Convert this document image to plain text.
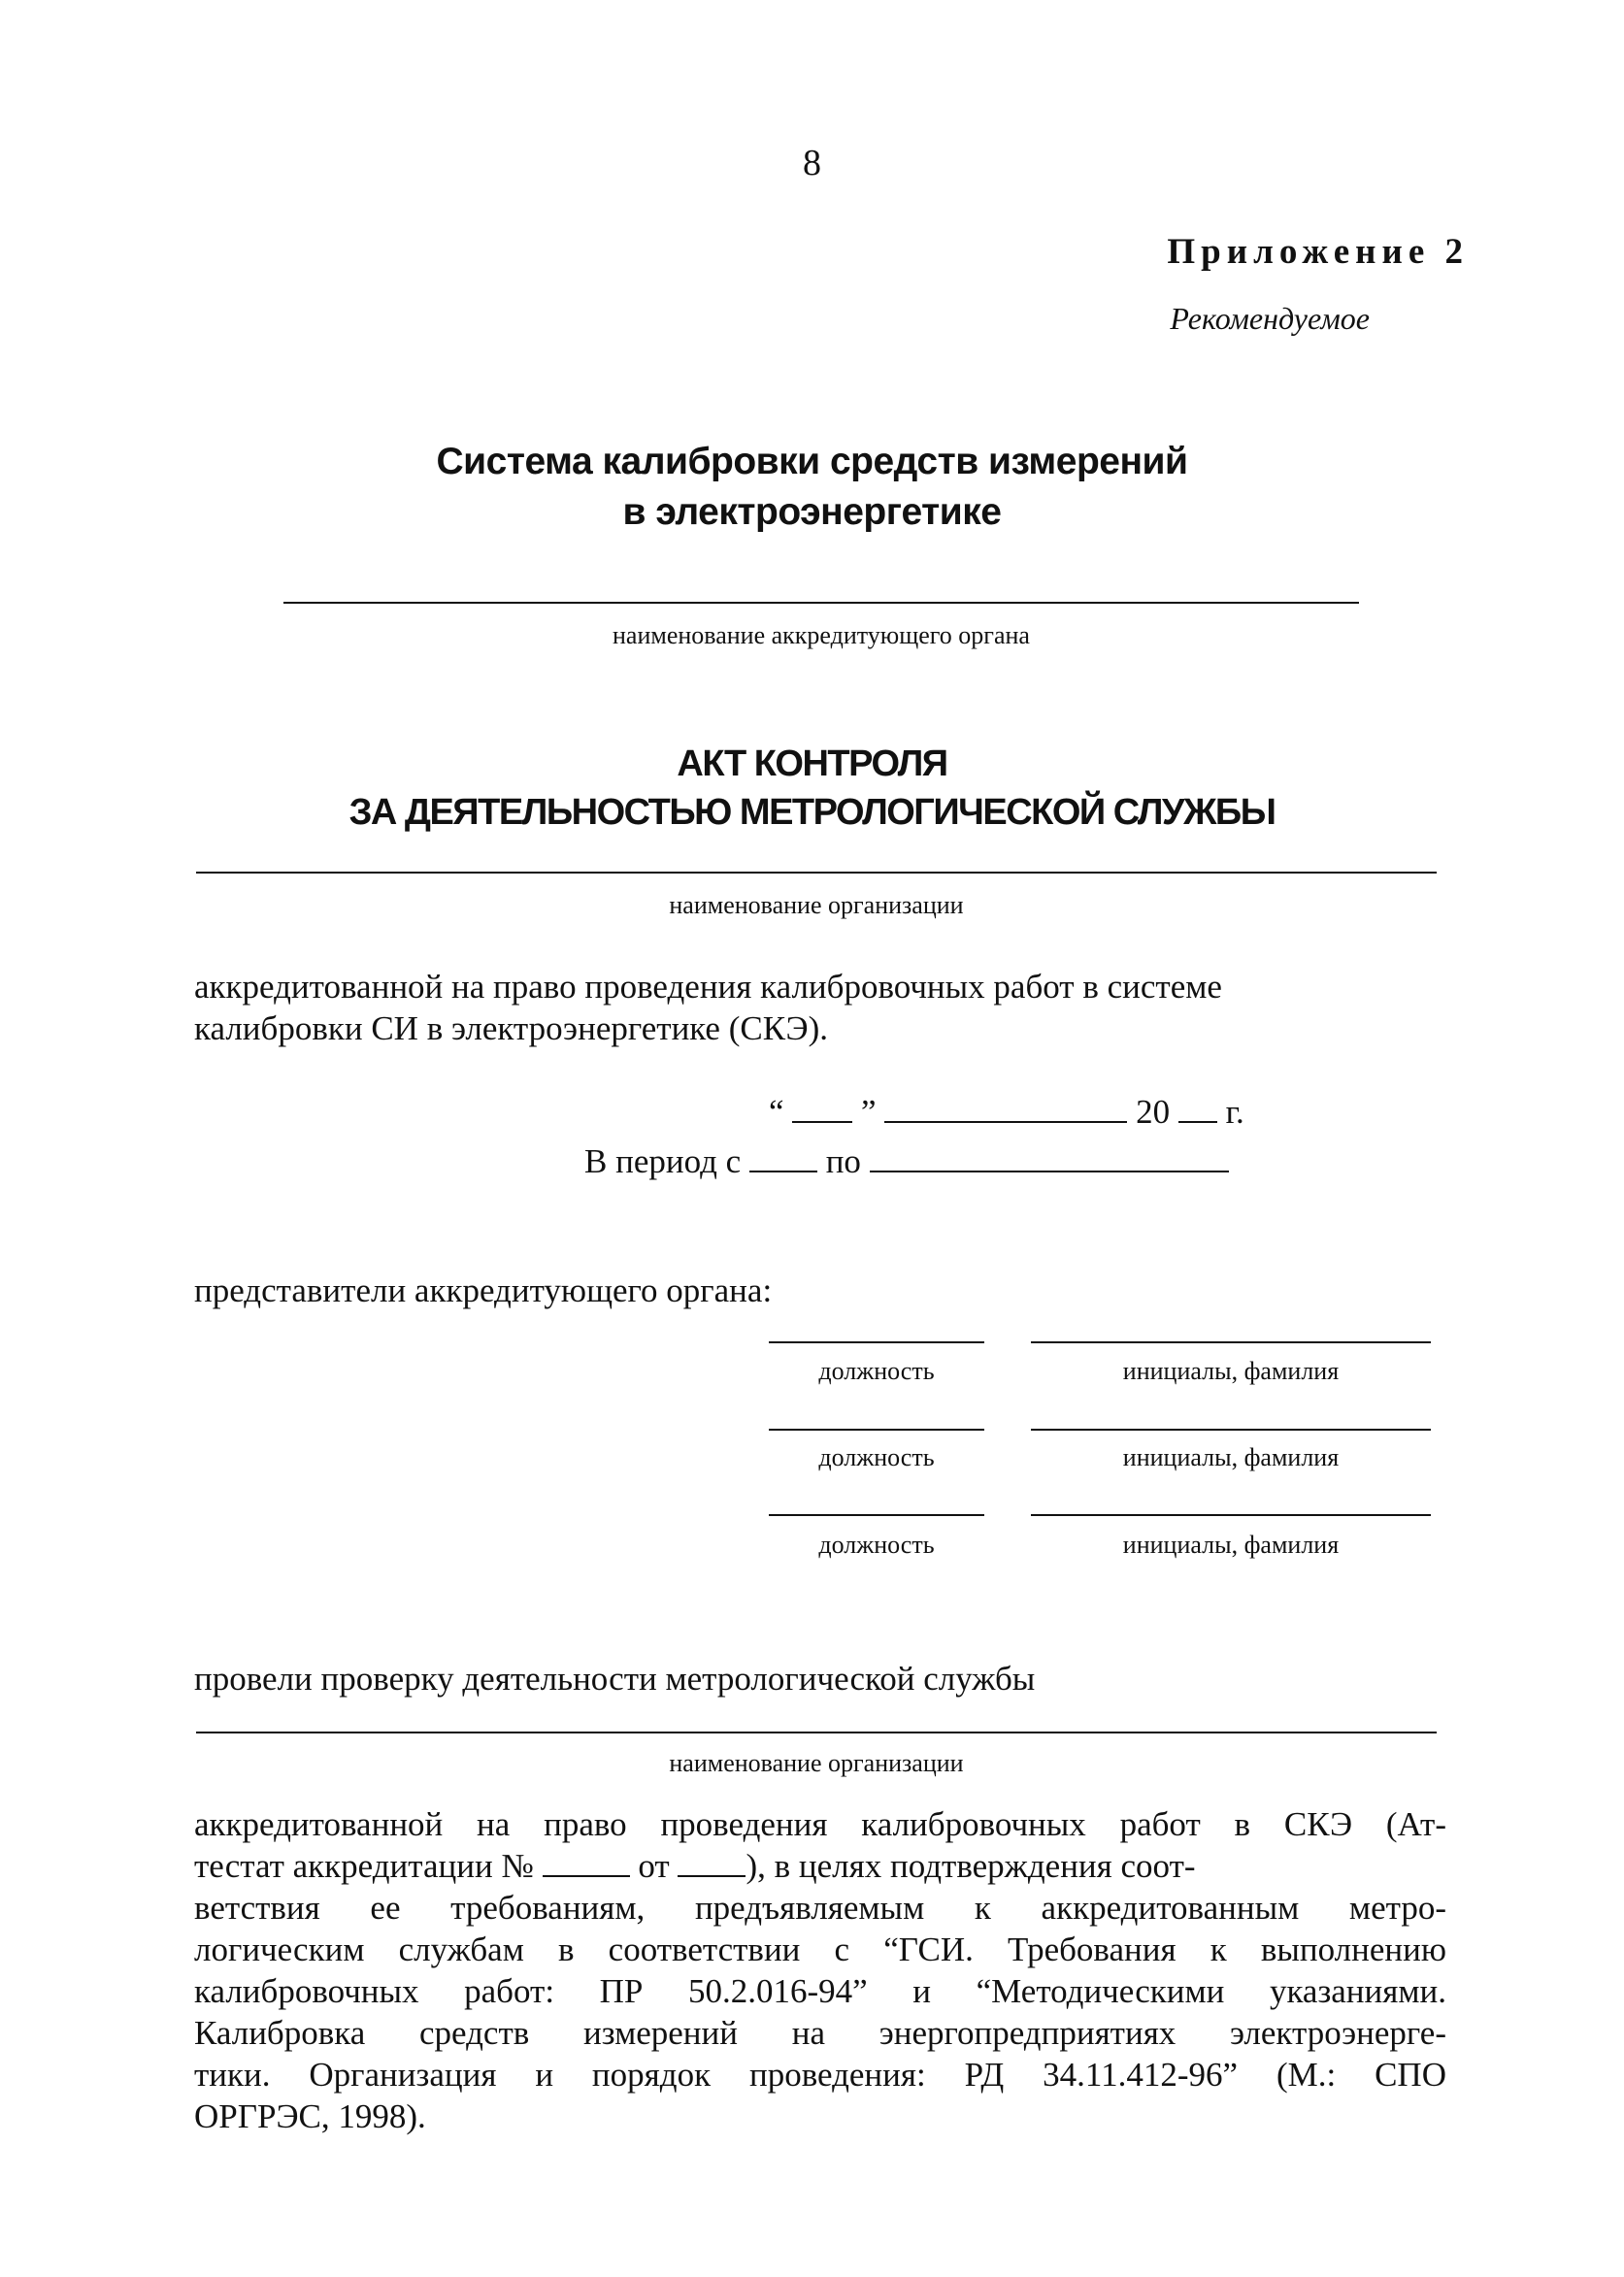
8
Приложение 2
Рекомендуемое
Система калибровки средств измерений
в электроэнергетике
наименование аккредитующего органа
АКТ КОНТРОЛЯ
ЗА ДЕЯТЕЛЬНОСТЬЮ МЕТРОЛОГИЧЕСКОЙ СЛУЖБЫ
наименование организации
аккредитованной на право проведения калибровочных работ в системе
калибровки СИ в электроэнергетике (СКЭ).
“ ”	20 г.
В период с	по
представители аккредитующего органа:
должность	инициалы, фамилия
должность	инициалы, фамилия
должность	инициалы, фамилия
провели проверку деятельности метрологической службы
наименование организации
аккредитованной на право проведения калибровочных работ в СКЭ (Ат-
тестат аккредитации №	от ), в целях подтверждения соот-
ветствия ее требованиям, предъявляемым к аккредитованным метро-
логическим службам в соответствии с “ГСИ. Требования к выполнению
калибровочных работ: ПР 50.2.016-94” и “Методическими указаниями.
Калибровка средств измерений на энергопредприятиях электроэнерге-
тики. Организация и порядок проведения: РД 34.11.412-96” (М.: СПО
ОРГРЭС, 1998).
